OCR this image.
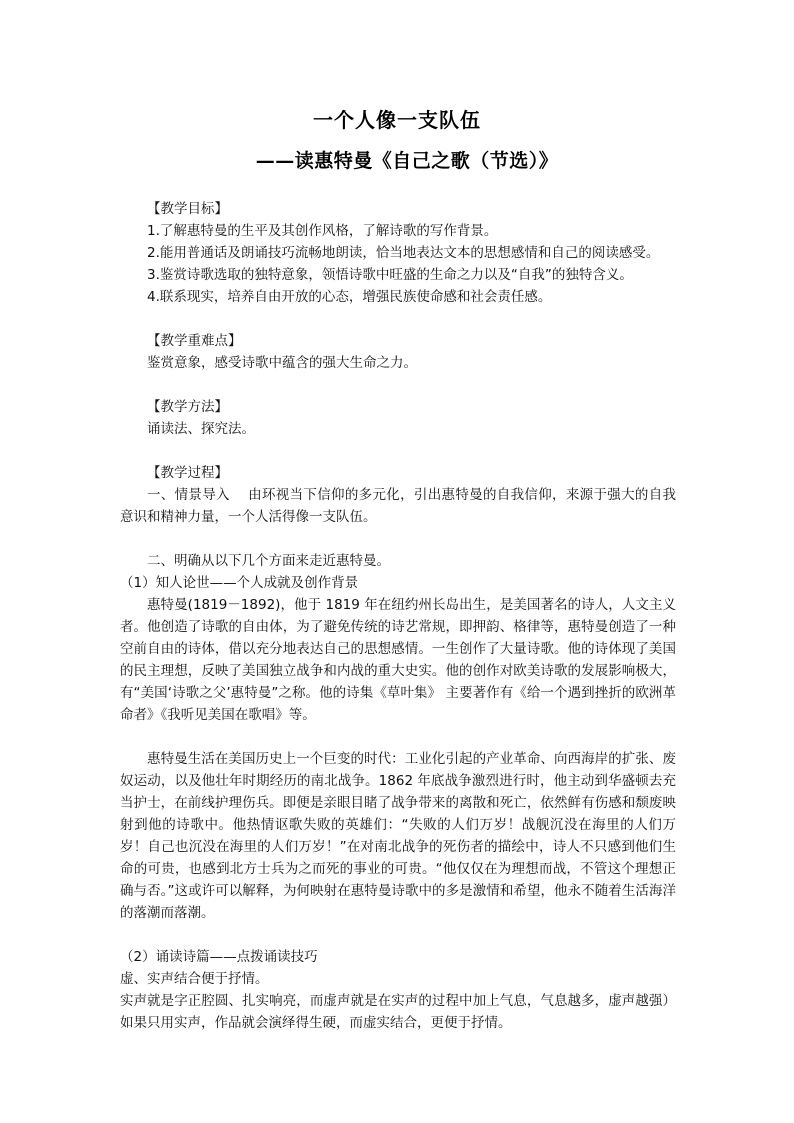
一个人像一支队伍
——读惠特曼《自己之歌（节选）》

【教学目标】

1.了解惠特曼的生平及其创作风格，了解诗歌的写作背景。

2.能用普通话及朗诵技巧流畅地朗读，恰当地表达文本的思想感情和自己的阅读感受。

3.鉴赏诗歌选取的独特意象，领悟诗歌中旺盛的生命之力以及“自我”的独特含义。

4.联系现实，培养自由开放的心态，增强民族使命感和社会责任感。

【教学重难点】

鉴赏意象，感受诗歌中蕴含的强大生命之力。

【教学方法】

诵读法、探究法。

【教学过程】

一、情景导入 由环视当下信仰的多元化，引出惠特曼的自我信仰，来源于强大的自我意识和精神力量，一个人活得像一支队伍。

二、明确从以下几个方面来走近惠特曼。

（1）知人论世——个人成就及创作背景

惠特曼(1819－1892)，他于 1819 年在纽约州长岛出生，是美国著名的诗人，人文主义者。他创造了诗歌的自由体，为了避免传统的诗艺常规，即押韵、格律等，惠特曼创造了一种空前自由的诗体，借以充分地表达自己的思想感情。一生创作了大量诗歌。他的诗体现了美国的民主理想，反映了美国独立战争和内战的重大史实。他的创作对欧美诗歌的发展影响极大，有“美国‘诗歌之父’惠特曼”之称。他的诗集《草叶集》 主要著作有《给一个遇到挫折的欧洲革命者》《我听见美国在歌唱》等。

惠特曼生活在美国历史上一个巨变的时代：工业化引起的产业革命、向西海岸的扩张、废奴运动，以及他壮年时期经历的南北战争。1862 年底战争激烈进行时，他主动到华盛顿去充当护士，在前线护理伤兵。即便是亲眼目睹了战争带来的离散和死亡，依然鲜有伤感和颓废映射到他的诗歌中。他热情讴歌失败的英雄们：“失败的人们万岁！战舰沉没在海里的人们万岁！自己也沉没在海里的人们万岁！”在对南北战争的死伤者的描绘中，诗人不只感到他们生命的可贵，也感到北方士兵为之而死的事业的可贵。“他仅仅在为理想而战，不管这个理想正确与否。”这或许可以解释，为何映射在惠特曼诗歌中的多是激情和希望，他永不随着生活海洋的落潮而落潮。

（2）诵读诗篇——点拨诵读技巧

虚、实声结合便于抒情。

实声就是字正腔圆、扎实响亮，而虚声就是在实声的过程中加上气息，气息越多，虚声越强）如果只用实声，作品就会演绎得生硬，而虚实结合，更便于抒情。
